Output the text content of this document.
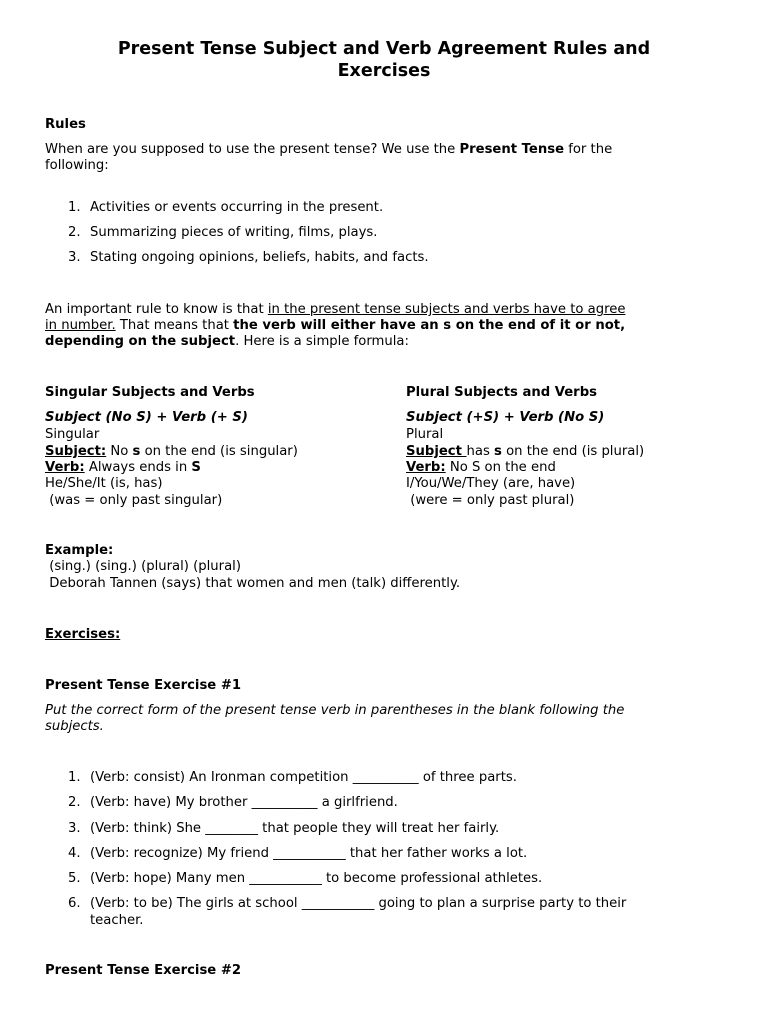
Present Tense Subject and Verb Agreement Rules and
Exercises
Rules
When are you supposed to use the present tense? We use the Present Tense for the
following:
1. Activities or events occurring in the present.
2. Summarizing pieces of writing, films, plays.
3. Stating ongoing opinions, beliefs, habits, and facts.
An important rule to know is that in the present tense subjects and verbs have to agree
in number. That means that the verb will either have an s on the end of it or not,
depending on the subject. Here is a simple formula:
Singular Subjects and Verbs
Subject (No S) + Verb (+ S)
Singular
Subject: No s on the end (is singular)
Verb: Always ends in S
He/She/It (is, has)
(was = only past singular)
Plural Subjects and Verbs
Subject (+S) + Verb (No S)
Plural
Subject has s on the end (is plural)
Verb: No S on the end
I/You/We/They (are, have)
(were = only past plural)
Example:
(sing.) (sing.) (plural) (plural)
Deborah Tannen (says) that women and men (talk) differently.
Exercises:
Present Tense Exercise #1
Put the correct form of the present tense verb in parentheses in the blank following the
subjects.
1. (Verb: consist) An Ironman competition __________ of three parts.
2. (Verb: have) My brother __________ a girlfriend.
3. (Verb: think) She ________ that people they will treat her fairly.
4. (Verb: recognize) My friend ___________ that her father works a lot.
5. (Verb: hope) Many men ___________ to become professional athletes.
6. (Verb: to be) The girls at school ___________ going to plan a surprise party to their
teacher.
Present Tense Exercise #2
